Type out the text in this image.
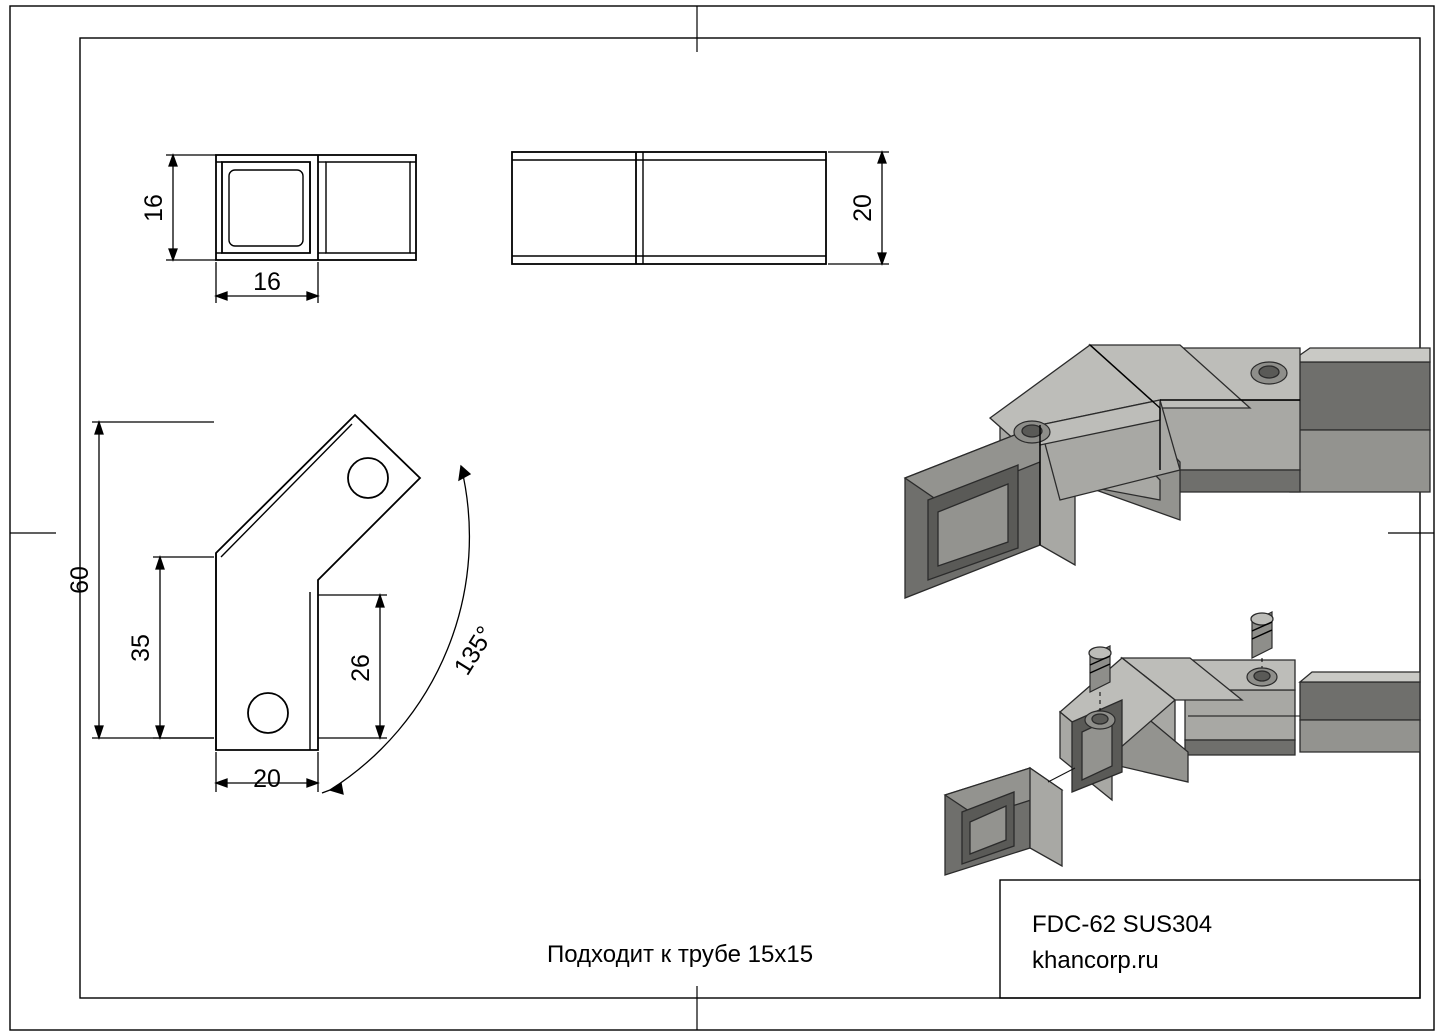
16
16
20
60
35
26
20
135°
Подходит к трубе 15x15
FDC-62 SUS304
khancorp.ru
